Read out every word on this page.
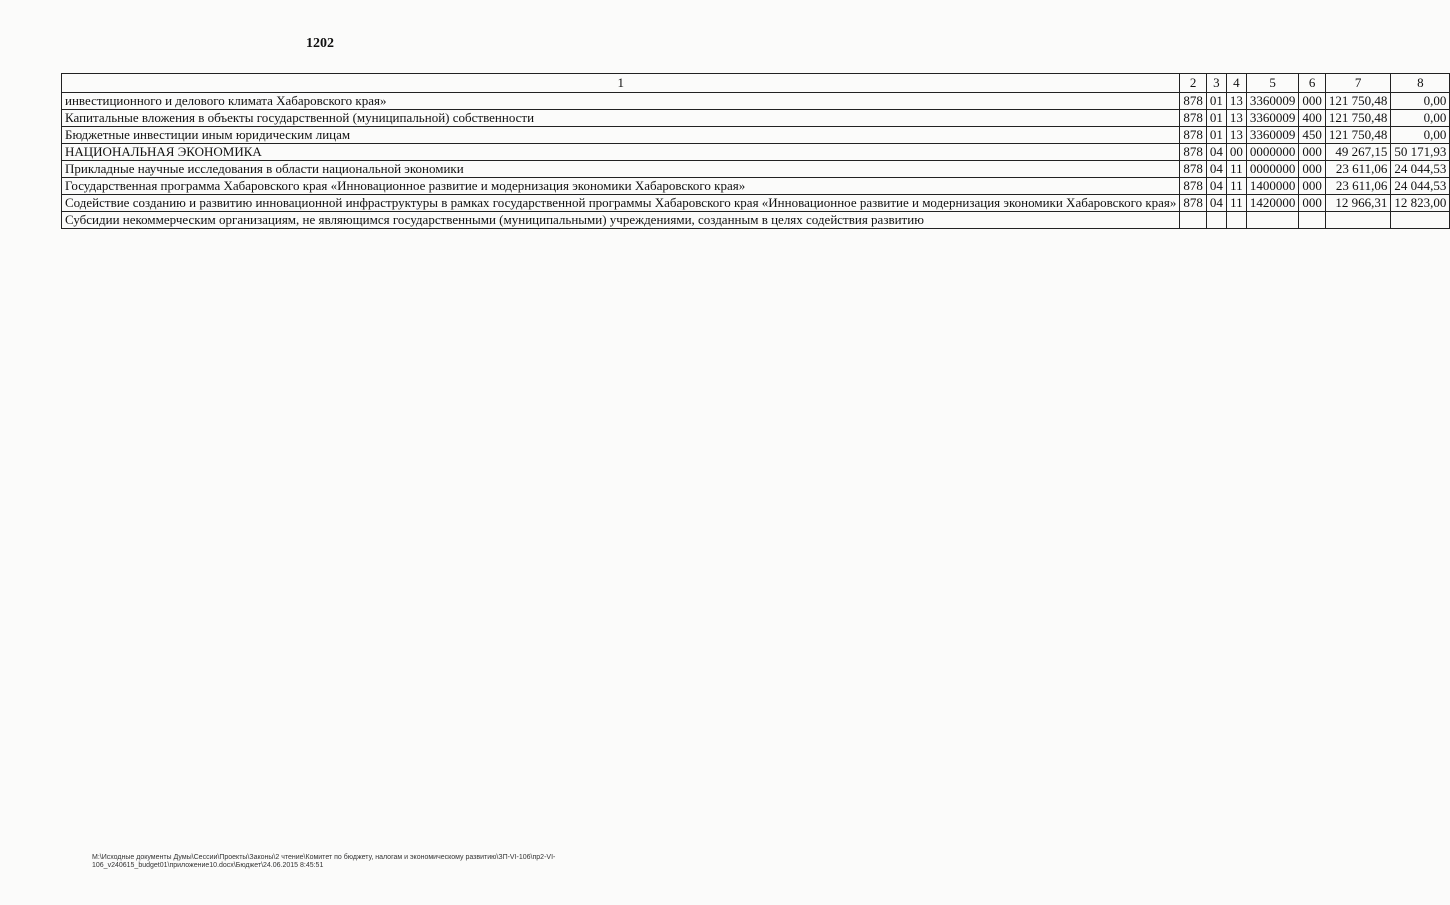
1202
1	2	3	4	5	6	7	8
инвестиционного и делового климата Хабаровского края»	878	01	13	3360009	000	121 750,48	0,00
Капитальные вложения в объекты государственной (муниципальной) собственности	878	01	13	3360009	400	121 750,48	0,00
Бюджетные инвестиции иным юридическим лицам	878	01	13	3360009	450	121 750,48	0,00
НАЦИОНАЛЬНАЯ ЭКОНОМИКА	878	04	00	0000000	000	49 267,15	50 171,93
Прикладные научные исследования в области национальной экономики	878	04	11	0000000	000	23 611,06	24 044,53
Государственная программа Хабаровского края «Инновационное развитие и модернизация экономики Хабаровского края»	878	04	11	1400000	000	23 611,06	24 044,53
Содействие созданию и развитию инновационной инфраструктуры в рамках государственной программы Хабаровского края «Инновационное развитие и модернизация экономики Хабаровского края»	878	04	11	1420000	000	12 966,31	12 823,00
Субсидии некоммерческим организациям, не являющимся государственными (муниципальными) учреждениями, созданным в целях содействия развитию							
M:\Исходные документы Думы\Сессии\Проекты\Законы\2 чтение\Комитет по бюджету, налогам и экономическому развитию\ЗП-VI-106\пр2-VI-106_v240615_budget01\приложение10.docx\Бюджет\24.06.2015 8:45:51
